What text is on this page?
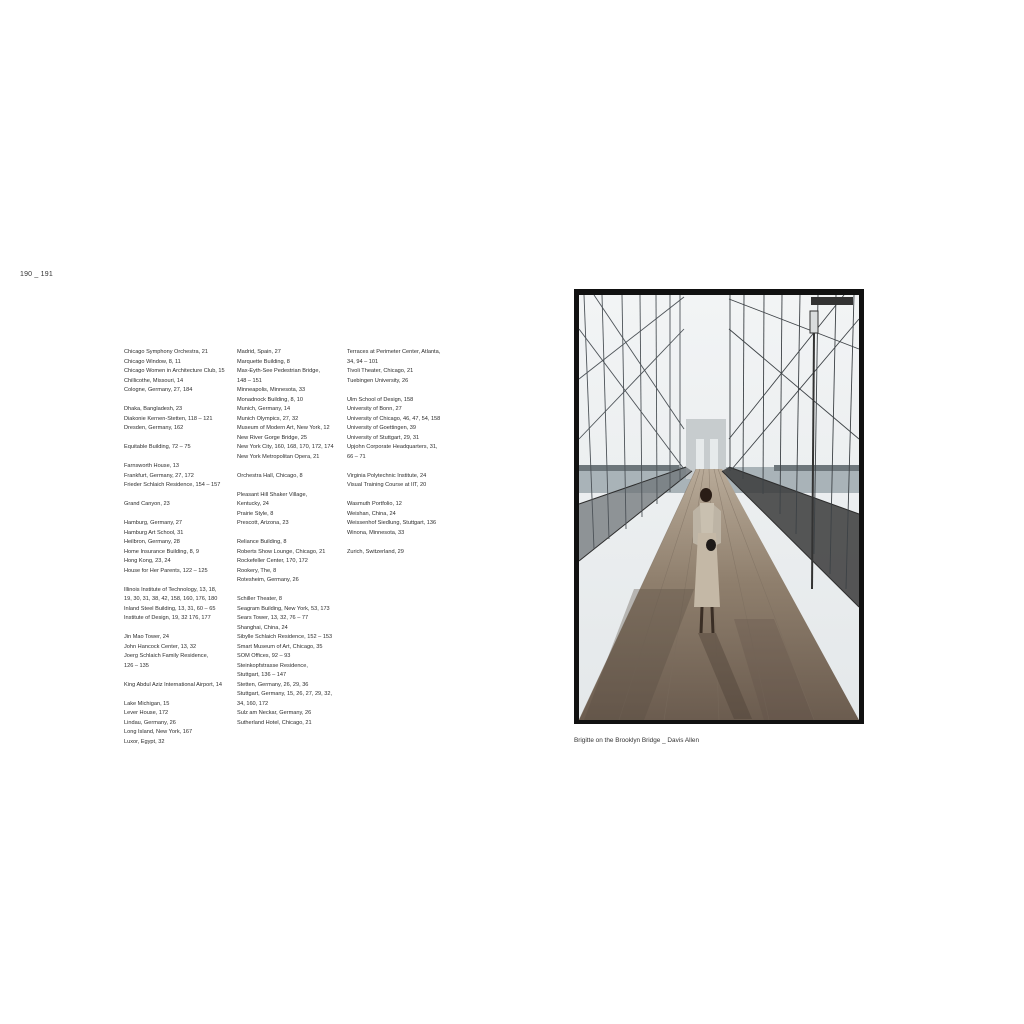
190 _ 191
Chicago Symphony Orchestra, 21
Chicago Window, 8, 11
Chicago Women in Architecture Club, 15
Chillicothe, Missouri, 14
Cologne, Germany, 27, 184
Dhaka, Bangladesh, 23
Diakonie Kernen-Stetten, 118 – 121
Dresden, Germany, 162
Equitable Building, 72 – 75
Farnsworth House, 13
Frankfurt, Germany, 27, 172
Frieder Schlaich Residence, 154 – 157
Grand Canyon, 23
Hamburg, Germany, 27
Hamburg Art School, 31
Heilbron, Germany, 28
Home Insurance Building, 8, 9
Hong Kong, 23, 24
House for Her Parents, 122 – 125
Illinois Institute of Technology, 13, 18,
19, 30, 31, 38, 42, 158, 160, 176, 180
Inland Steel Building, 13, 31, 60 – 65
Institute of Design, 19, 32 176, 177
Jin Mao Tower, 24
John Hancock Center, 13, 32
Joerg Schlaich Family Residence,
126 – 135
King Abdul Aziz International Airport, 14
Lake Michigan, 15
Lever House, 172
Lindau, Germany, 26
Long Island, New York, 167
Luxor, Egypt, 32
Madrid, Spain, 27
Marquette Building, 8
Max-Eyth-See Pedestrian Bridge,
148 – 151
Minneapolis, Minnesota, 33
Monadnock Building, 8, 10
Munich, Germany, 14
Munich Olympics, 27, 32
Museum of Modern Art, New York, 12
New River Gorge Bridge, 25
New York City, 160, 168, 170, 172, 174
New York Metropolitan Opera, 21
Orchestra Hall, Chicago, 8
Pleasant Hill Shaker Village,
Kentucky, 24
Prairie Style, 8
Prescott, Arizona, 23
Reliance Building, 8
Roberts Show Lounge, Chicago, 21
Rockefeller Center, 170, 172
Rookery, The, 8
Rotesheim, Germany, 26
Schiller Theater, 8
Seagram Building, New York, 53, 173
Sears Tower, 13, 32, 76 – 77
Shanghai, China, 24
Sibylle Schlaich Residence, 152 – 153
Smart Museum of Art, Chicago, 35
SOM Offices, 92 – 93
Steinkopfstrasse Residence,
Stuttgart, 136 – 147
Stetten, Germany, 26, 29, 36
Stuttgart, Germany, 15, 26, 27, 29, 32,
34, 160, 172
Sulz am Neckar, Germany, 26
Sutherland Hotel, Chicago, 21
Terraces at Perimeter Center, Atlanta,
34, 94 – 101
Tivoli Theater, Chicago, 21
Tuebingen University, 26
Ulm School of Design, 158
University of Bonn, 27
University of Chicago, 46, 47, 54, 158
University of Goettingen, 39
University of Stuttgart, 29, 31
Upjohn Corporate Headquarters, 31,
66 – 71
Virginia Polytechnic Institute, 24
Visual Training Course at IIT, 20
Wasmuth Portfolio, 12
Weishan, China, 24
Weissenhof Siedlung, Stuttgart, 136
Winona, Minnesota, 33
Zurich, Switzerland, 29
Brigitte on the Brooklyn Bridge _ Davis Allen
